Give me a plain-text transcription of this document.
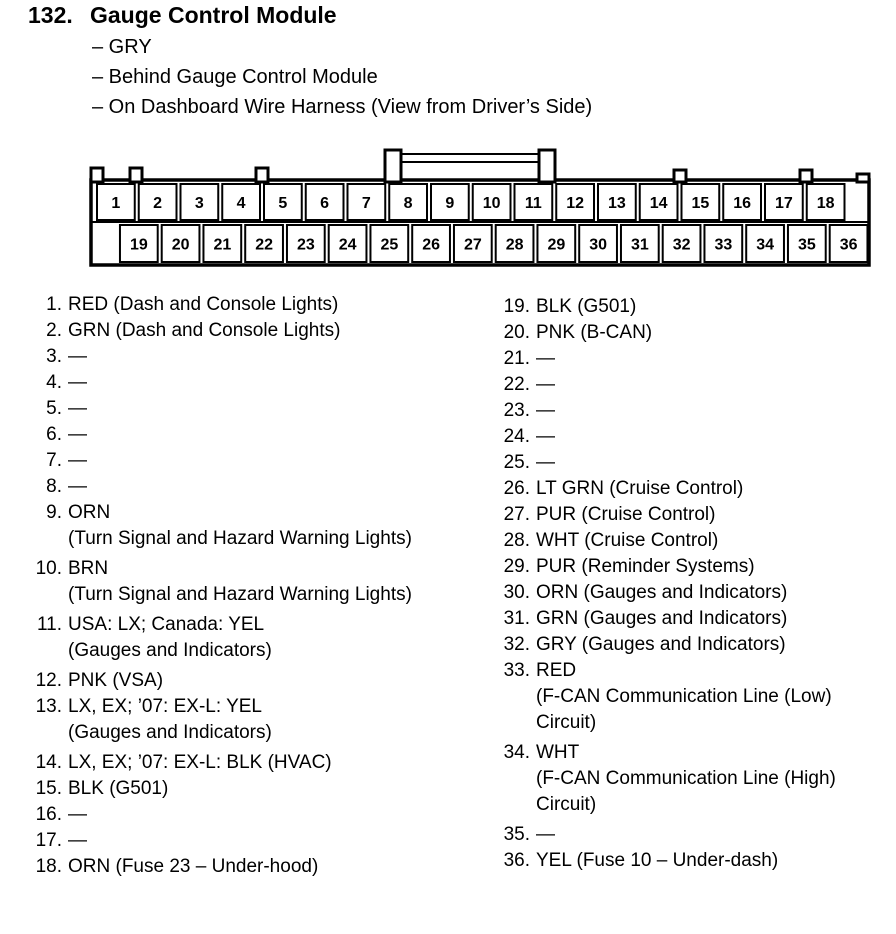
132. Gauge Control Module
– GRY
– Behind Gauge Control Module
– On Dashboard Wire Harness (View from Driver’s Side)
1 2 3 4 5 6 7 8 9 10 11 12 13 14 15 16 17 18
19 20 21 22 23 24 25 26 27 28 29 30 31 32 33 34 35 36
1. RED (Dash and Console Lights)
2. GRN (Dash and Console Lights)
3. —
4. —
5. —
6. —
7. —
8. —
9. ORN
(Turn Signal and Hazard Warning Lights)
10. BRN
(Turn Signal and Hazard Warning Lights)
11. USA: LX; Canada: YEL
(Gauges and Indicators)
12. PNK (VSA)
13. LX, EX; ’07: EX-L: YEL
(Gauges and Indicators)
14. LX, EX; ’07: EX-L: BLK (HVAC)
15. BLK (G501)
16. —
17. —
18. ORN (Fuse 23 – Under-hood)
19. BLK (G501)
20. PNK (B-CAN)
21. —
22. —
23. —
24. —
25. —
26. LT GRN (Cruise Control)
27. PUR (Cruise Control)
28. WHT (Cruise Control)
29. PUR (Reminder Systems)
30. ORN (Gauges and Indicators)
31. GRN (Gauges and Indicators)
32. GRY (Gauges and Indicators)
33. RED
(F-CAN Communication Line (Low)
Circuit)
34. WHT
(F-CAN Communication Line (High)
Circuit)
35. —
36. YEL (Fuse 10 – Under-dash)
